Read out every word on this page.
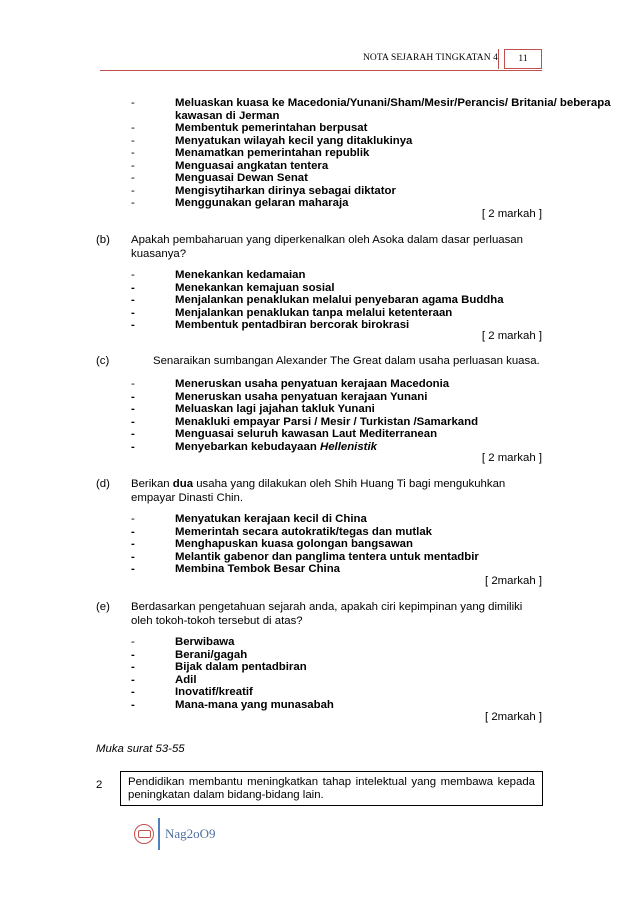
NOTA SEJARAH TINGKATAN 4	11
-	Meluaskan kuasa ke Macedonia/Yunani/Sham/Mesir/Perancis/ Britania/ beberapa kawasan di Jerman
-	Membentuk pemerintahan berpusat
-	Menyatukan wilayah kecil yang ditaklukinya
-	Menamatkan pemerintahan republik
-	Menguasai angkatan tentera
-	Menguasai Dewan Senat
-	Mengisytiharkan dirinya sebagai diktator
-	Menggunakan gelaran maharaja
[ 2 markah ]
(b) Apakah pembaharuan yang diperkenalkan oleh Asoka dalam dasar perluasan kuasanya?
-	Menekankan kedamaian
-	Menekankan kemajuan sosial
-	Menjalankan penaklukan melalui penyebaran agama Buddha
-	Menjalankan penaklukan tanpa melalui ketenteraan
-	Membentuk pentadbiran bercorak birokrasi
[ 2 markah ]
(c)	Senaraikan sumbangan Alexander The Great dalam usaha perluasan kuasa.
-	Meneruskan usaha penyatuan kerajaan Macedonia
-	Meneruskan usaha penyatuan kerajaan Yunani
-	Meluaskan lagi jajahan takluk Yunani
-	Menakluki empayar Parsi / Mesir / Turkistan /Samarkand
-	Menguasai seluruh kawasan Laut Mediterranean
-	Menyebarkan kebudayaan Hellenistik
[ 2 markah ]
(d) Berikan dua usaha yang dilakukan oleh Shih Huang Ti bagi mengukuhkan empayar Dinasti Chin.
-	Menyatukan kerajaan kecil di China
-	Memerintah secara autokratik/tegas dan mutlak
-	Menghapuskan kuasa golongan bangsawan
-	Melantik gabenor dan panglima tentera untuk mentadbir
-	Membina Tembok Besar China
[ 2markah ]
(e) Berdasarkan pengetahuan sejarah anda, apakah ciri kepimpinan yang dimiliki oleh tokoh-tokoh tersebut di atas?
-	Berwibawa
-	Berani/gagah
-	Bijak dalam pentadbiran
-	Adil
-	Inovatif/kreatif
-	Mana-mana yang munasabah
[ 2markah ]
Muka surat 53-55
2	Pendidikan membantu meningkatkan tahap intelektual yang membawa kepada peningkatan dalam bidang-bidang lain.
Nag2oO9
